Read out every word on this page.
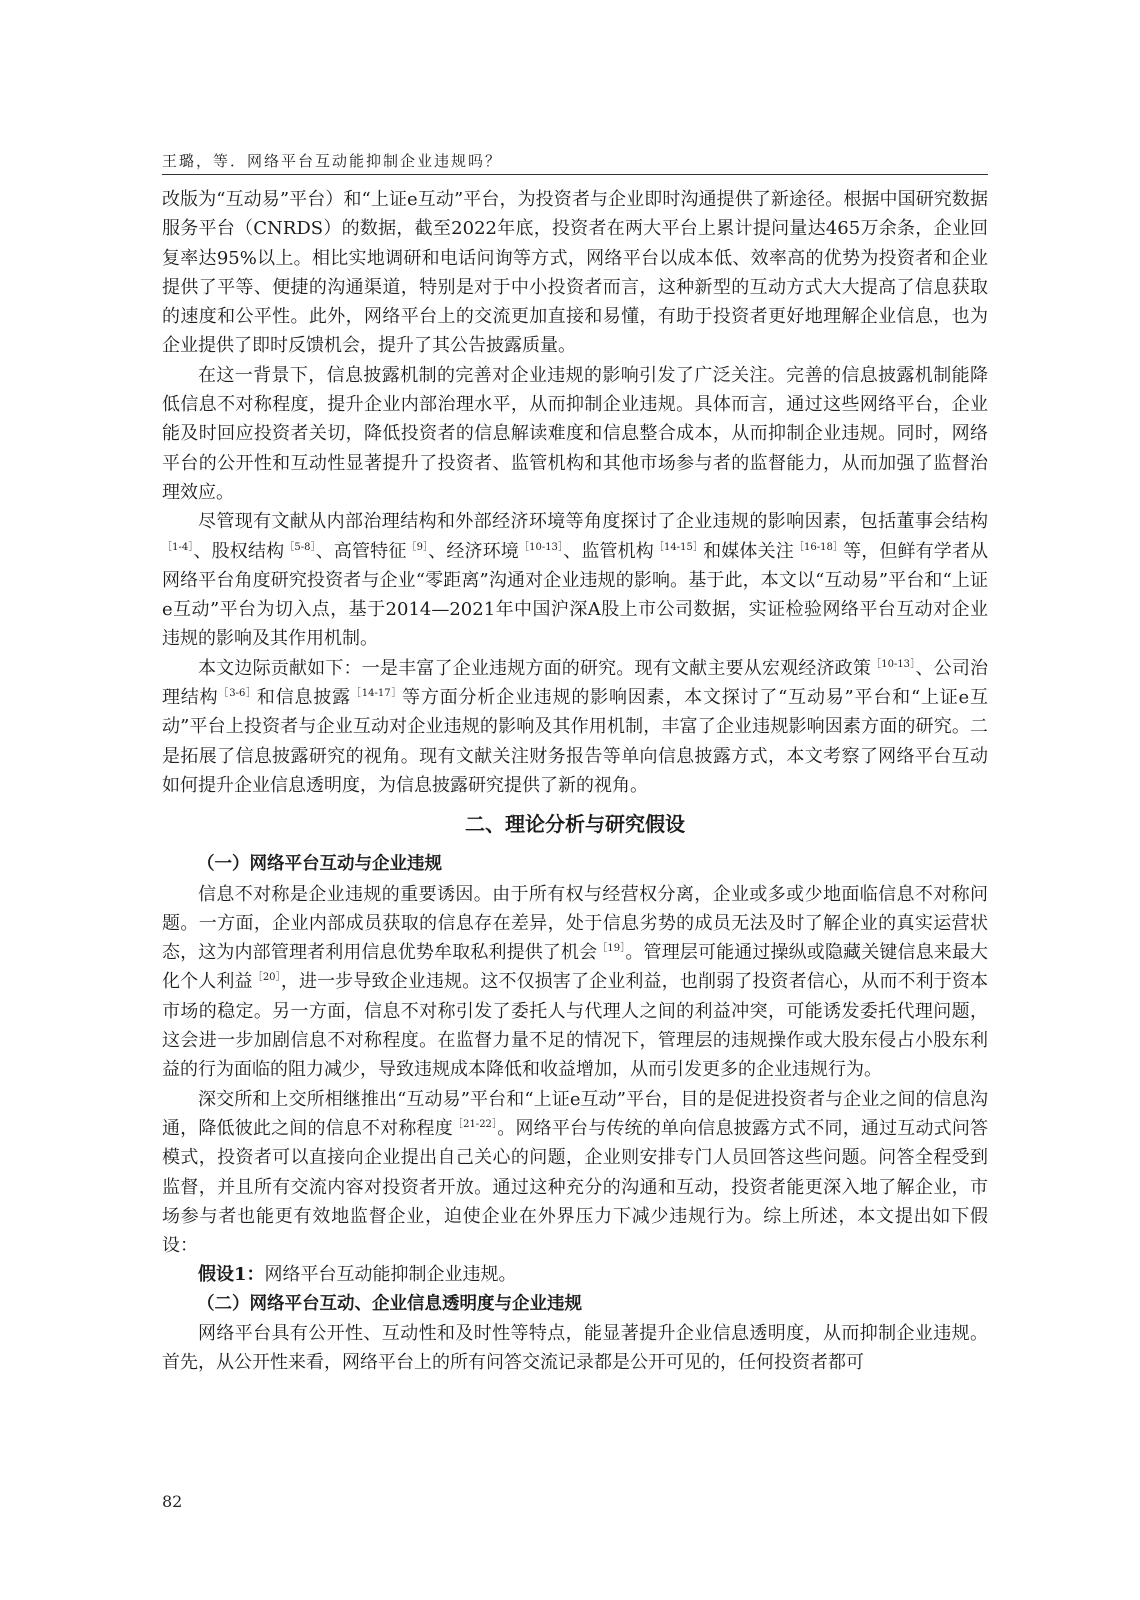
王璐，等．网络平台互动能抑制企业违规吗？

改版为“互动易”平台）和“上证e互动”平台，为投资者与企业即时沟通提供了新途径。根据中国研究数据服务平台（CNRDS）的数据，截至2022年底，投资者在两大平台上累计提问量达465万余条，企业回复率达95%以上。相比实地调研和电话问询等方式，网络平台以成本低、效率高的优势为投资者和企业提供了平等、便捷的沟通渠道，特别是对于中小投资者而言，这种新型的互动方式大大提高了信息获取的速度和公平性。此外，网络平台上的交流更加直接和易懂，有助于投资者更好地理解企业信息，也为企业提供了即时反馈机会，提升了其公告披露质量。

在这一背景下，信息披露机制的完善对企业违规的影响引发了广泛关注。完善的信息披露机制能降低信息不对称程度，提升企业内部治理水平，从而抑制企业违规。具体而言，通过这些网络平台，企业能及时回应投资者关切，降低投资者的信息解读难度和信息整合成本，从而抑制企业违规。同时，网络平台的公开性和互动性显著提升了投资者、监管机构和其他市场参与者的监督能力，从而加强了监督治理效应。

尽管现有文献从内部治理结构和外部经济环境等角度探讨了企业违规的影响因素，包括董事会结构$^{[1-4]}$、股权结构$^{[5-8]}$、高管特征$^{[9]}$、经济环境$^{[10-13]}$、监管机构$^{[14-15]}$和媒体关注$^{[16-18]}$等，但鲜有学者从网络平台角度研究投资者与企业“零距离”沟通对企业违规的影响。基于此，本文以“互动易”平台和“上证e互动”平台为切入点，基于2014—2021年中国沪深A股上市公司数据，实证检验网络平台互动对企业违规的影响及其作用机制。

本文边际贡献如下：一是丰富了企业违规方面的研究。现有文献主要从宏观经济政策$^{[10-13]}$、公司治理结构$^{[3-6]}$和信息披露$^{[14-17]}$等方面分析企业违规的影响因素，本文探讨了“互动易”平台和“上证e互动”平台上投资者与企业互动对企业违规的影响及其作用机制，丰富了企业违规影响因素方面的研究。二是拓展了信息披露研究的视角。现有文献关注财务报告等单向信息披露方式，本文考察了网络平台互动如何提升企业信息透明度，为信息披露研究提供了新的视角。

二、理论分析与研究假设

（一）网络平台互动与企业违规

信息不对称是企业违规的重要诱因。由于所有权与经营权分离，企业或多或少地面临信息不对称问题。一方面，企业内部成员获取的信息存在差异，处于信息劣势的成员无法及时了解企业的真实运营状态，这为内部管理者利用信息优势牟取私利提供了机会$^{[19]}$。管理层可能通过操纵或隐藏关键信息来最大化个人利益$^{[20]}$，进一步导致企业违规。这不仅损害了企业利益，也削弱了投资者信心，从而不利于资本市场的稳定。另一方面，信息不对称引发了委托人与代理人之间的利益冲突，可能诱发委托代理问题，这会进一步加剧信息不对称程度。在监督力量不足的情况下，管理层的违规操作或大股东侵占小股东利益的行为面临的阻力减少，导致违规成本降低和收益增加，从而引发更多的企业违规行为。

深交所和上交所相继推出“互动易”平台和“上证e互动”平台，目的是促进投资者与企业之间的信息沟通，降低彼此之间的信息不对称程度$^{[21-22]}$。网络平台与传统的单向信息披露方式不同，通过互动式问答模式，投资者可以直接向企业提出自己关心的问题，企业则安排专门人员回答这些问题。问答全程受到监督，并且所有交流内容对投资者开放。通过这种充分的沟通和互动，投资者能更深入地了解企业，市场参与者也能更有效地监督企业，迫使企业在外界压力下减少违规行为。综上所述，本文提出如下假设：

假设1：网络平台互动能抑制企业违规。

（二）网络平台互动、企业信息透明度与企业违规

网络平台具有公开性、互动性和及时性等特点，能显著提升企业信息透明度，从而抑制企业违规。首先，从公开性来看，网络平台上的所有问答交流记录都是公开可见的，任何投资者都可

82
